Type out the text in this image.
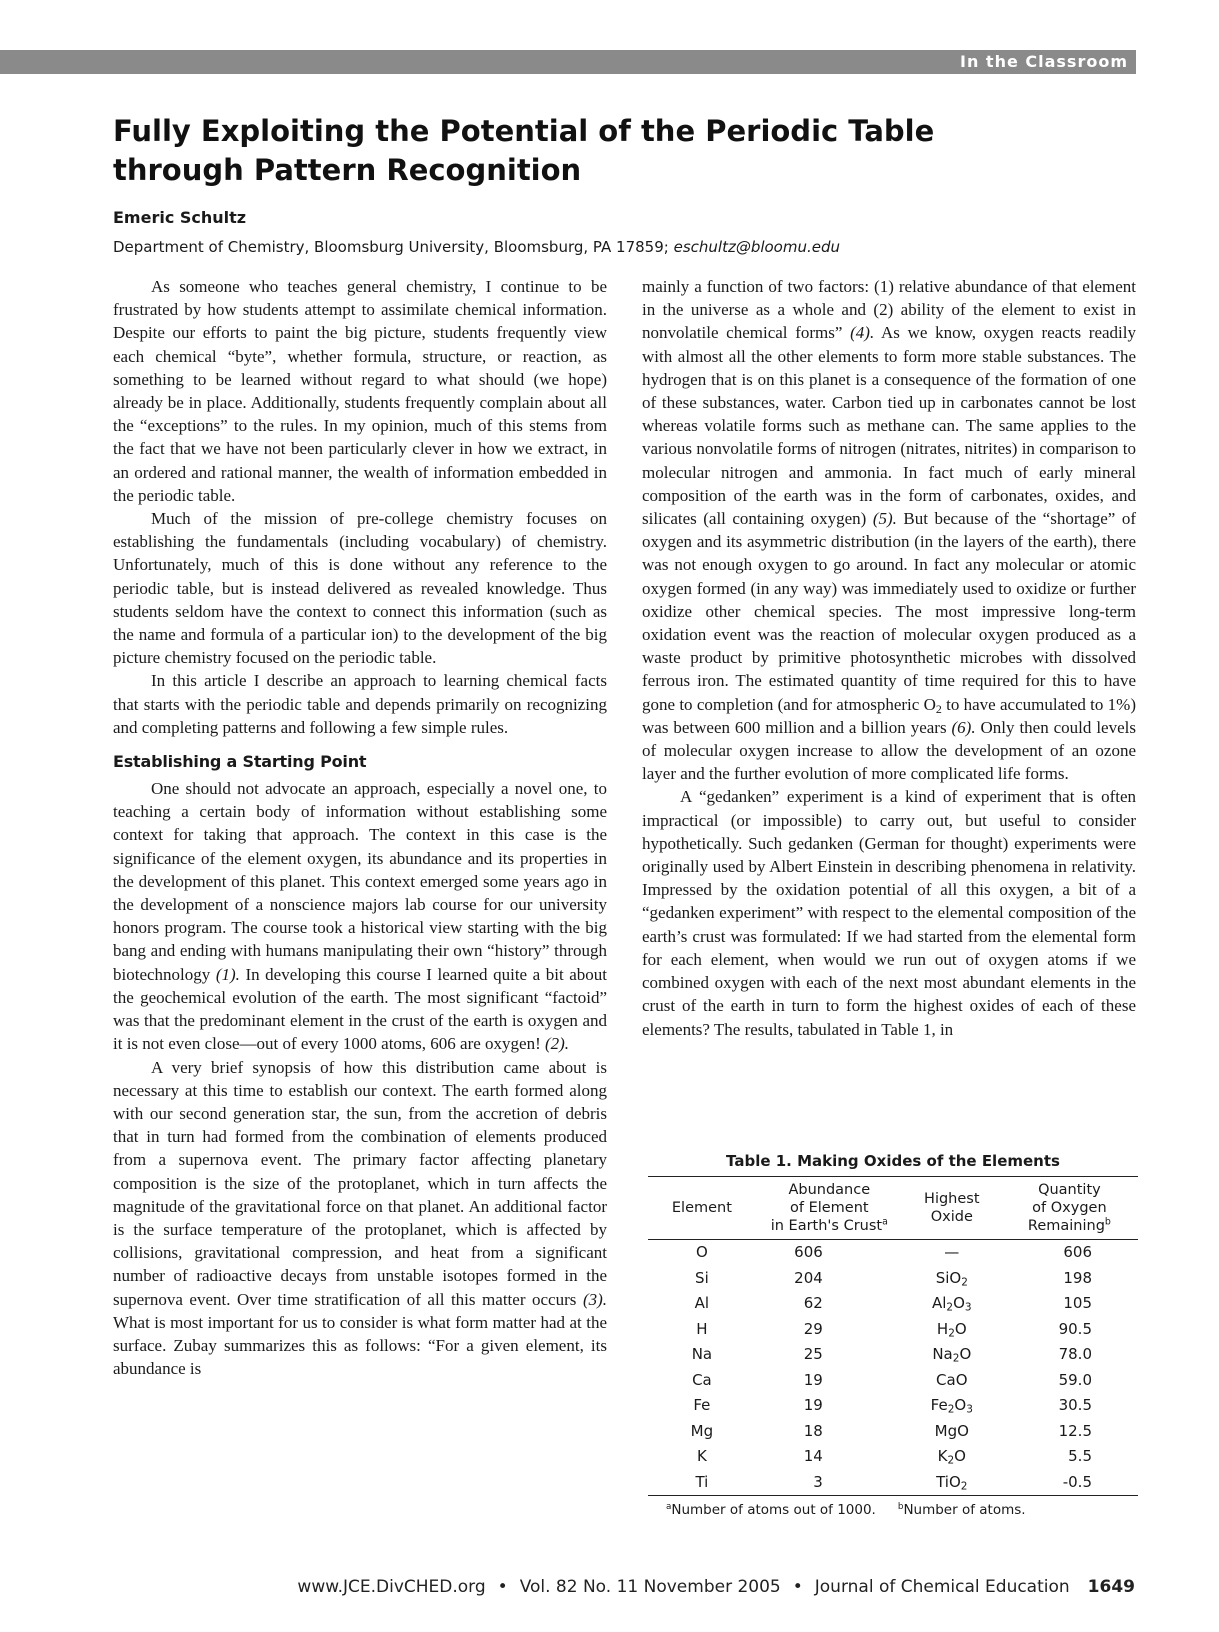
In the Classroom
Fully Exploiting the Potential of the Periodic Table through Pattern Recognition

Emeric Schultz

Department of Chemistry, Bloomsburg University, Bloomsburg, PA 17859; eschultz@bloomu.edu

As someone who teaches general chemistry, I continue to be frustrated by how students attempt to assimilate chemical information. Despite our efforts to paint the big picture, students frequently view each chemical “byte”, whether formula, structure, or reaction, as something to be learned without regard to what should (we hope) already be in place. Additionally, students frequently complain about all the “exceptions” to the rules. In my opinion, much of this stems from the fact that we have not been particularly clever in how we extract, in an ordered and rational manner, the wealth of information embedded in the periodic table.

Much of the mission of pre-college chemistry focuses on establishing the fundamentals (including vocabulary) of chemistry. Unfortunately, much of this is done without any reference to the periodic table, but is instead delivered as revealed knowledge. Thus students seldom have the context to connect this information (such as the name and formula of a particular ion) to the development of the big picture chemistry focused on the periodic table.

In this article I describe an approach to learning chemical facts that starts with the periodic table and depends primarily on recognizing and completing patterns and following a few simple rules.

Establishing a Starting Point

One should not advocate an approach, especially a novel one, to teaching a certain body of information without establishing some context for taking that approach. The context in this case is the significance of the element oxygen, its abundance and its properties in the development of this planet. This context emerged some years ago in the development of a nonscience majors lab course for our university honors program. The course took a historical view starting with the big bang and ending with humans manipulating their own “history” through biotechnology (1). In developing this course I learned quite a bit about the geochemical evolution of the earth. The most significant “factoid” was that the predominant element in the crust of the earth is oxygen and it is not even close—out of every 1000 atoms, 606 are oxygen! (2).

A very brief synopsis of how this distribution came about is necessary at this time to establish our context. The earth formed along with our second generation star, the sun, from the accretion of debris that in turn had formed from the combination of elements produced from a supernova event. The primary factor affecting planetary composition is the size of the protoplanet, which in turn affects the magnitude of the gravitational force on that planet. An additional factor is the surface temperature of the protoplanet, which is affected by collisions, gravitational compression, and heat from a significant number of radioactive decays from unstable isotopes formed in the supernova event. Over time stratification of all this matter occurs (3). What is most important for us to consider is what form matter had at the surface. Zubay summarizes this as follows: “For a given element, its abundance is

mainly a function of two factors: (1) relative abundance of that element in the universe as a whole and (2) ability of the element to exist in nonvolatile chemical forms” (4). As we know, oxygen reacts readily with almost all the other elements to form more stable substances. The hydrogen that is on this planet is a consequence of the formation of one of these substances, water. Carbon tied up in carbonates cannot be lost whereas volatile forms such as methane can. The same applies to the various nonvolatile forms of nitrogen (nitrates, nitrites) in comparison to molecular nitrogen and ammonia. In fact much of early mineral composition of the earth was in the form of carbonates, oxides, and silicates (all containing oxygen) (5). But because of the “shortage” of oxygen and its asymmetric distribution (in the layers of the earth), there was not enough oxygen to go around. In fact any molecular or atomic oxygen formed (in any way) was immediately used to oxidize or further oxidize other chemical species. The most impressive long-term oxidation event was the reaction of molecular oxygen produced as a waste product by primitive photosynthetic microbes with dissolved ferrous iron. The estimated quantity of time required for this to have gone to completion (and for atmospheric $O_2$ to have accumulated to 1%) was between 600 million and a billion years (6). Only then could levels of molecular oxygen increase to allow the development of an ozone layer and the further evolution of more complicated life forms.

A “gedanken” experiment is a kind of experiment that is often impractical (or impossible) to carry out, but useful to consider hypothetically. Such gedanken (German for thought) experiments were originally used by Albert Einstein in describing phenomena in relativity. Impressed by the oxidation potential of all this oxygen, a bit of a “gedanken experiment” with respect to the elemental composition of the earth’s crust was formulated: If we had started from the elemental form for each element, when would we run out of oxygen atoms if we combined oxygen with each of the next most abundant elements in the crust of the earth in turn to form the highest oxides of each of these elements? The results, tabulated in Table 1, in

Table 1. Making Oxides of the Elements
Element	Abundance
of Element
in Earth's Crust$^a$	Highest
Oxide	Quantity
of Oxygen
Remaining$^b$
O	606	—	606
Si	204	SiO$_2$	198
Al	62	$Al_2O_3$	105
H	29	$H_2O$	90.5
Na	25	$Na_2O$	78.0
Ca	19	CaO	59.0
Fe	19	$Fe_2O_3$	30.5
Mg	18	MgO	12.5
K	14	$K_2O$	5.5
Ti	3	TiO$_2$	-0.5
$^a$Number of atoms out of 1000.	$^b$Number of atoms.
www.JCE.DivCHED.org • Vol. 82 No. 11 November 2005 • Journal of Chemical Education 1649
